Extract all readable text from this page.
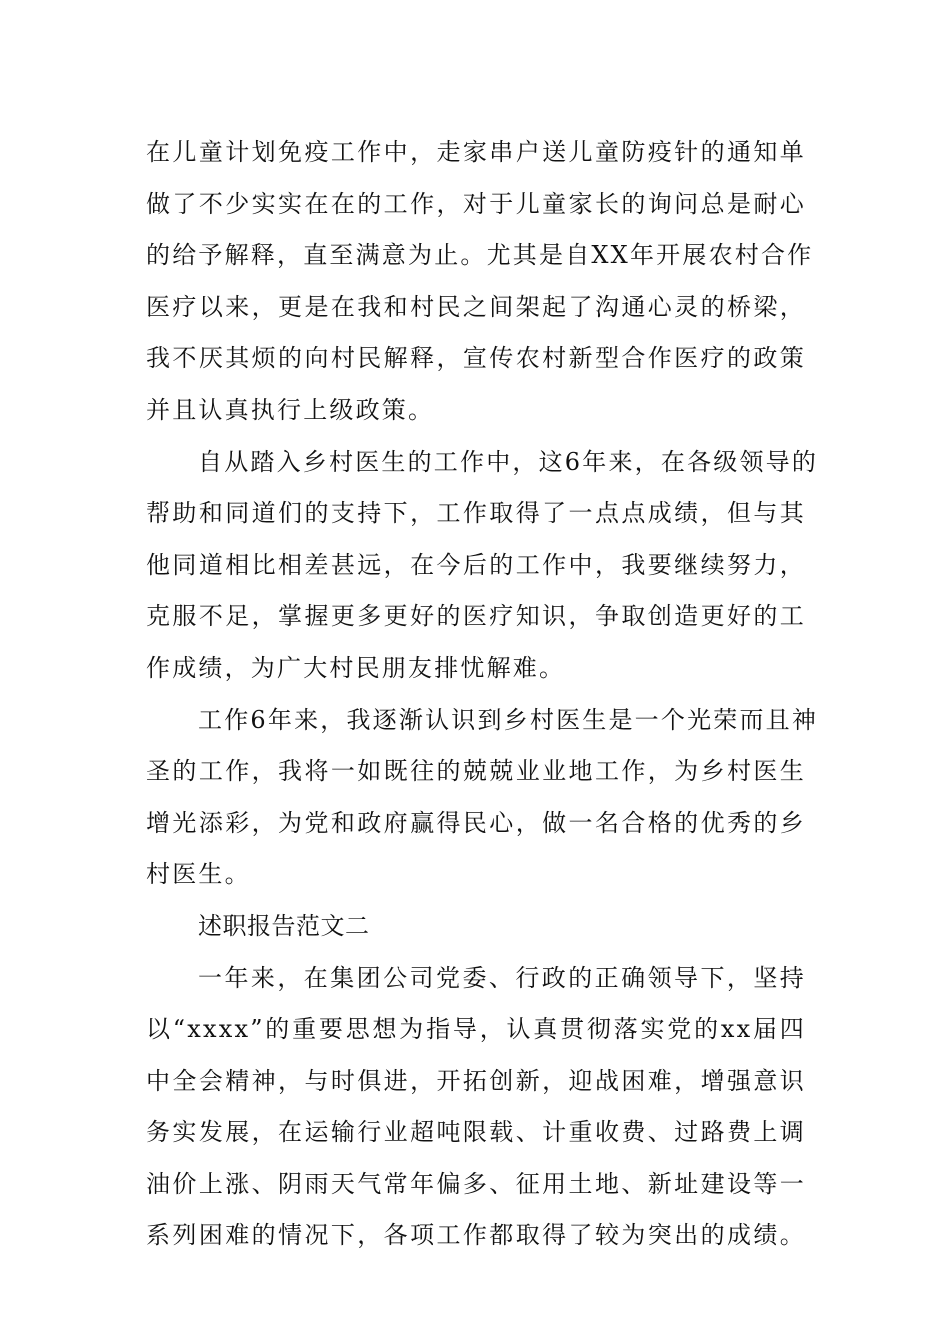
在儿童计划免疫工作中，走家串户送儿童防疫针的通知单
做了不少实实在在的工作，对于儿童家长的询问总是耐心
的给予解释，直至满意为止。尤其是自XX年开展农村合作
医疗以来，更是在我和村民之间架起了沟通心灵的桥梁，
我不厌其烦的向村民解释，宣传农村新型合作医疗的政策
并且认真执行上级政策。
自从踏入乡村医生的工作中，这6年来，在各级领导的
帮助和同道们的支持下，工作取得了一点点成绩，但与其
他同道相比相差甚远，在今后的工作中，我要继续努力，
克服不足，掌握更多更好的医疗知识，争取创造更好的工
作成绩，为广大村民朋友排忧解难。
工作6年来，我逐渐认识到乡村医生是一个光荣而且神
圣的工作，我将一如既往的兢兢业业地工作，为乡村医生
增光添彩，为党和政府赢得民心，做一名合格的优秀的乡
村医生。
述职报告范文二
一年来，在集团公司党委、行政的正确领导下，坚持
以“xxxx”的重要思想为指导，认真贯彻落实党的xx届四
中全会精神，与时俱进，开拓创新，迎战困难，增强意识
务实发展，在运输行业超吨限载、计重收费、过路费上调
油价上涨、阴雨天气常年偏多、征用土地、新址建设等一
系列困难的情况下，各项工作都取得了较为突出的成绩。
